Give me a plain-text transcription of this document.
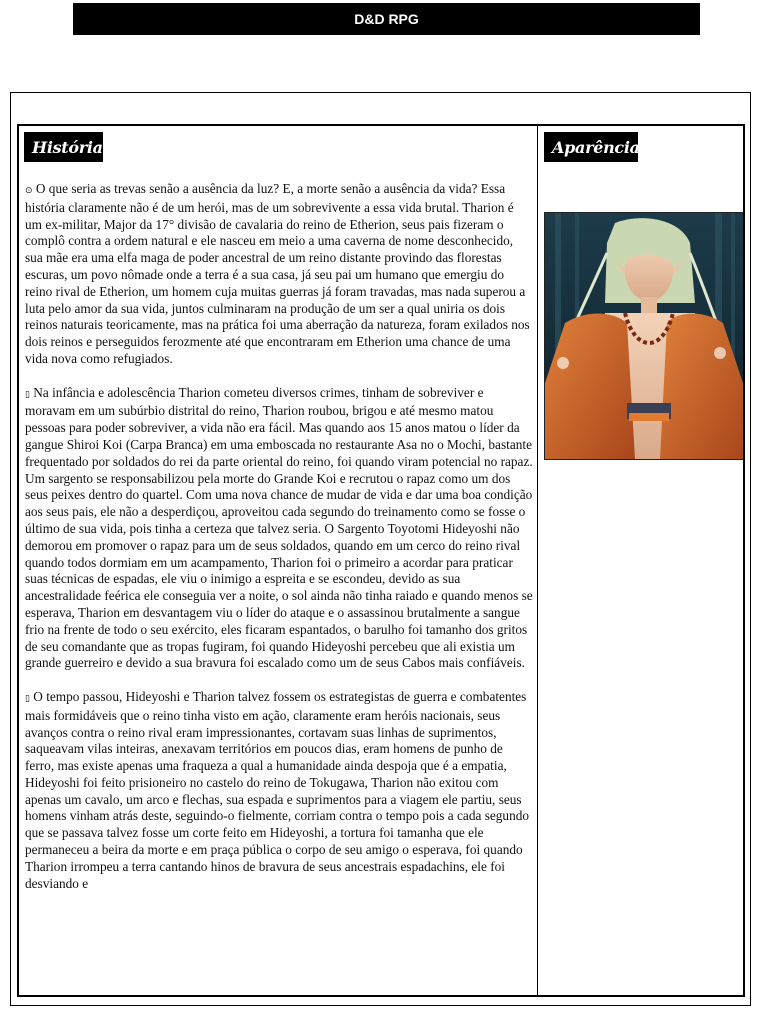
D&D RPG
História

⊙ O que seria as trevas senão a ausência da luz? E, a morte senão a ausência da vida? Essa história claramente não é de um herói, mas de um sobrevivente a essa vida brutal. Tharion é um ex-militar, Major da 17° divisão de cavalaria do reino de Etherion, seus pais fizeram o complô contra a ordem natural e ele nasceu em meio a uma caverna de nome desconhecido, sua mãe era uma elfa maga de poder ancestral de um reino distante provindo das florestas escuras, um povo nômade onde a terra é a sua casa, já seu pai um humano que emergiu do reino rival de Etherion, um homem cuja muitas guerras já foram travadas, mas nada superou a luta pelo amor da sua vida, juntos culminaram na produção de um ser a qual uniria os dois reinos naturais teoricamente, mas na prática foi uma aberração da natureza, foram exilados nos dois reinos e perseguidos ferozmente até que encontraram em Etherion uma chance de uma vida nova como refugiados.

▯ Na infância e adolescência Tharion cometeu diversos crimes, tinham de sobreviver e moravam em um subúrbio distrital do reino, Tharion roubou, brigou e até mesmo matou pessoas para poder sobreviver, a vida não era fácil. Mas quando aos 15 anos matou o líder da gangue Shiroi Koi (Carpa Branca) em uma emboscada no restaurante Asa no o Mochi, bastante frequentado por soldados do rei da parte oriental do reino, foi quando viram potencial no rapaz. Um sargento se responsabilizou pela morte do Grande Koi e recrutou o rapaz como um dos seus peixes dentro do quartel. Com uma nova chance de mudar de vida e dar uma boa condição aos seus pais, ele não a desperdiçou, aproveitou cada segundo do treinamento como se fosse o último de sua vida, pois tinha a certeza que talvez seria. O Sargento Toyotomi Hideyoshi não demorou em promover o rapaz para um de seus soldados, quando em um cerco do reino rival quando todos dormiam em um acampamento, Tharion foi o primeiro a acordar para praticar suas técnicas de espadas, ele viu o inimigo a espreita e se escondeu, devido as sua ancestralidade feérica ele conseguia ver a noite, o sol ainda não tinha raiado e quando menos se esperava, Tharion em desvantagem viu o líder do ataque e o assassinou brutalmente a sangue frio na frente de todo o seu exército, eles ficaram espantados, o barulho foi tamanho dos gritos de seu comandante que as tropas fugiram, foi quando Hideyoshi percebeu que ali existia um grande guerreiro e devido a sua bravura foi escalado como um de seus Cabos mais confiáveis.

▯ O tempo passou, Hideyoshi e Tharion talvez fossem os estrategistas de guerra e combatentes mais formidáveis que o reino tinha visto em ação, claramente eram heróis nacionais, seus avanços contra o reino rival eram impressionantes, cortavam suas linhas de suprimentos, saqueavam vilas inteiras, anexavam territórios em poucos dias, eram homens de punho de ferro, mas existe apenas uma fraqueza a qual a humanidade ainda despoja que é a empatia, Hideyoshi foi feito prisioneiro no castelo do reino de Tokugawa, Tharion não exitou com apenas um cavalo, um arco e flechas, sua espada e suprimentos para a viagem ele partiu, seus homens vinham atrás deste, seguindo-o fielmente, corriam contra o tempo pois a cada segundo que se passava talvez fosse um corte feito em Hideyoshi, a tortura foi tamanha que ele permaneceu a beira da morte e em praça pública o corpo de seu amigo o esperava, foi quando Tharion irrompeu a terra cantando hinos de bravura de seus ancestrais espadachins, ele foi desviando e

Aparência
